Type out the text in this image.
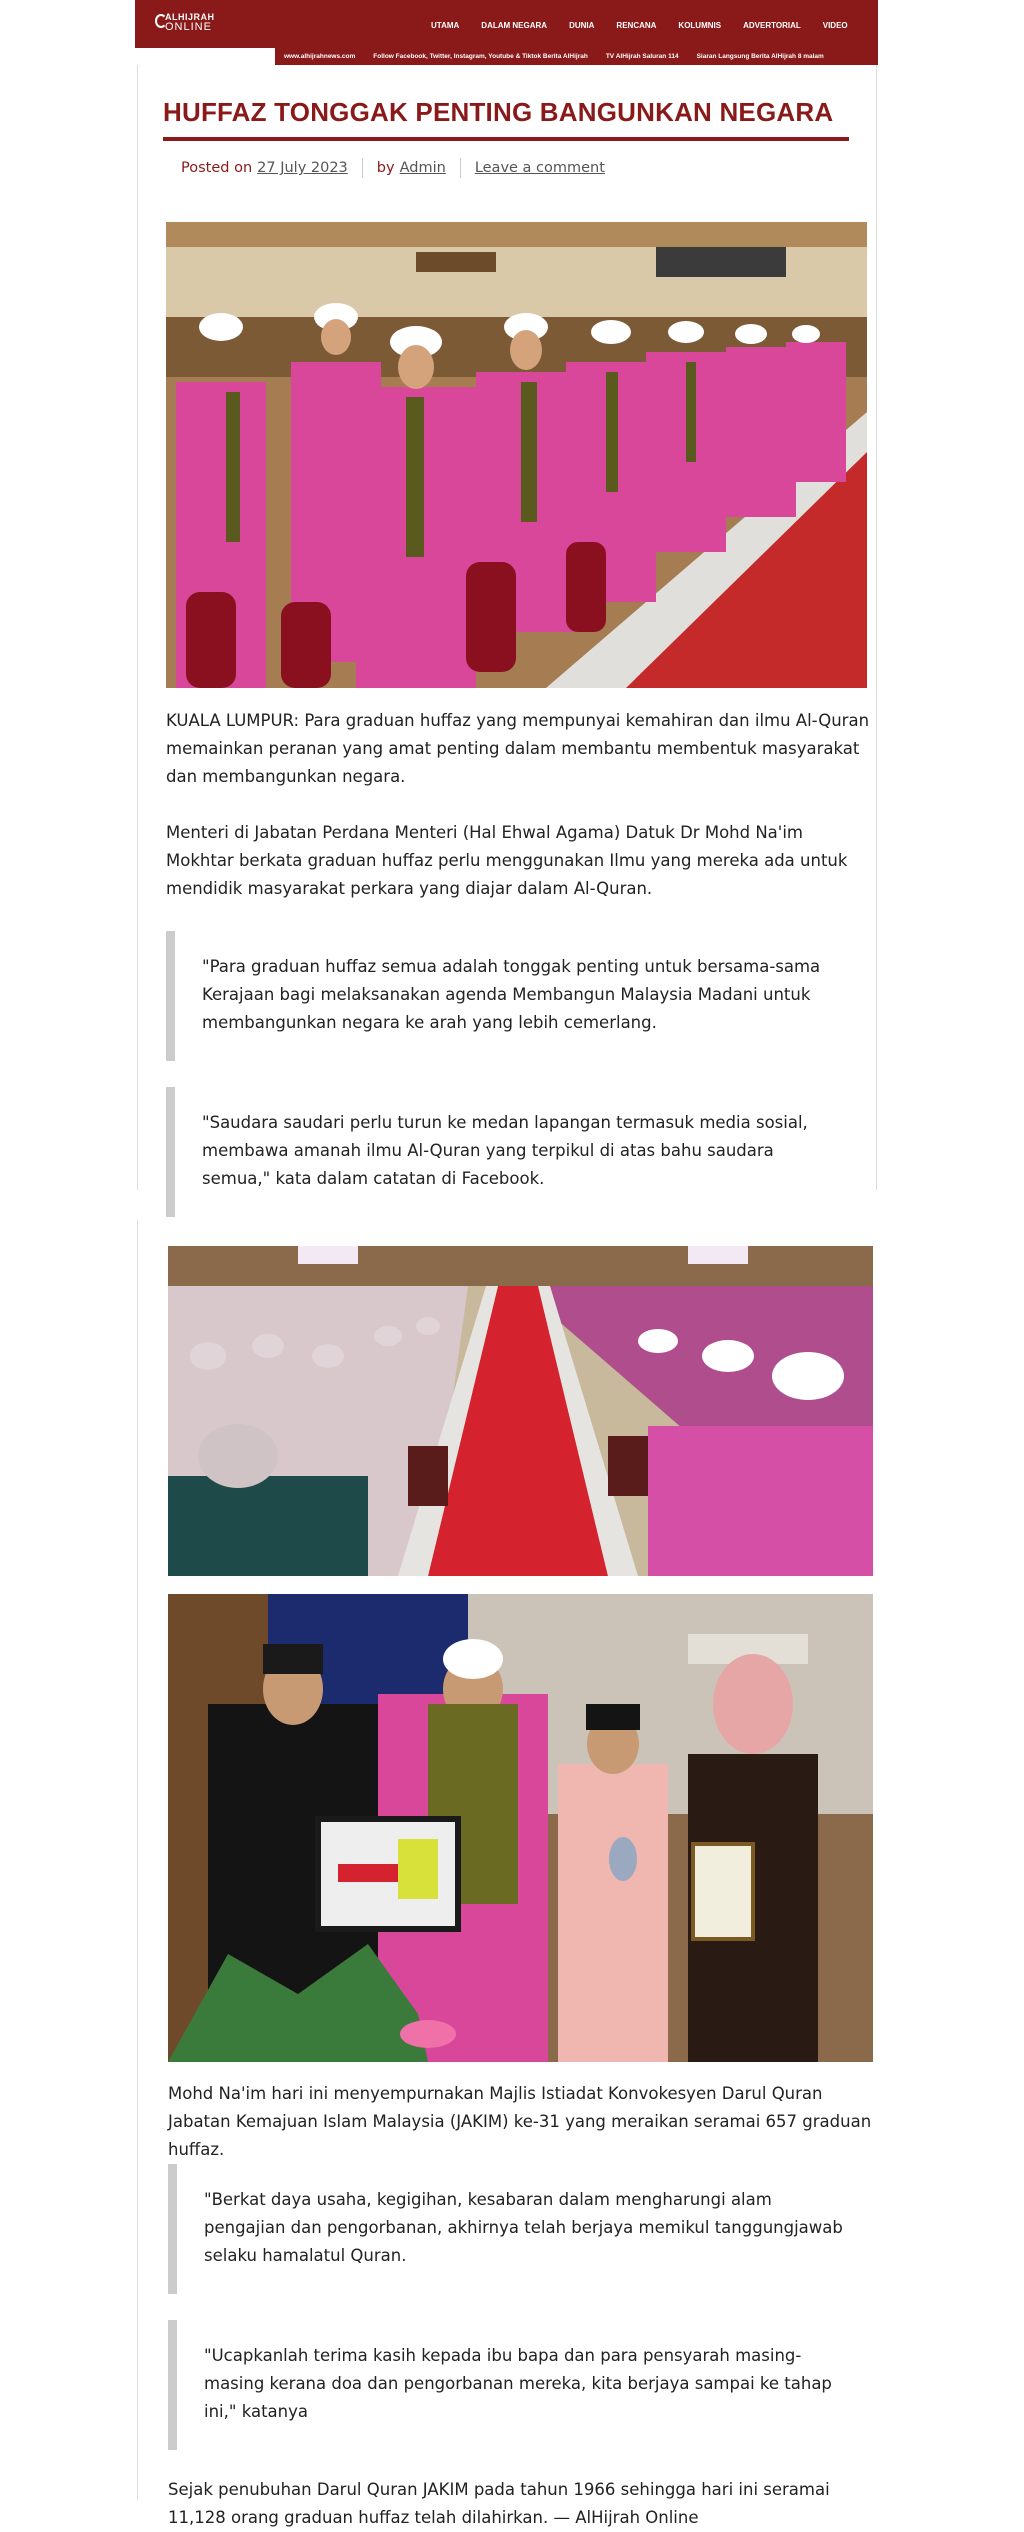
ALHIJRAH
ONLINE	UTAMA	DALAM NEGARA	DUNIA	RENCANA	KOLUMNIS	ADVERTORIAL	VIDEO
www.alhijrahnews.com	Follow Facebook, Twitter, Instagram, Youtube & Tiktok Berita AlHijrah	TV AlHijrah Saluran 114	Siaran Langsung Berita AlHijrah 8 malam
HUFFAZ TONGGAK PENTING BANGUNKAN NEGARA
Posted on 27 July 2023 by Admin Leave a comment

KUALA LUMPUR: Para graduan huffaz yang mempunyai kemahiran dan ilmu Al-Quran memainkan peranan yang amat penting dalam membantu membentuk masyarakat dan membangunkan negara.

Menteri di Jabatan Perdana Menteri (Hal Ehwal Agama) Datuk Dr Mohd Na'im Mokhtar berkata graduan huffaz perlu menggunakan Ilmu yang mereka ada untuk mendidik masyarakat perkara yang diajar dalam Al-Quran.

"Para graduan huffaz semua adalah tonggak penting untuk bersama-sama Kerajaan bagi melaksanakan agenda Membangun Malaysia Madani untuk membangunkan negara ke arah yang lebih cemerlang.

"Saudara saudari perlu turun ke medan lapangan termasuk media sosial, membawa amanah ilmu Al-Quran yang terpikul di atas bahu saudara semua," kata dalam catatan di Facebook.

Mohd Na'im hari ini menyempurnakan Majlis Istiadat Konvokesyen Darul Quran Jabatan Kemajuan Islam Malaysia (JAKIM) ke-31 yang meraikan seramai 657 graduan huffaz.

"Berkat daya usaha, kegigihan, kesabaran dalam mengharungi alam pengajian dan pengorbanan, akhirnya telah berjaya memikul tanggungjawab selaku hamalatul Quran.

"Ucapkanlah terima kasih kepada ibu bapa dan para pensyarah masing-masing kerana doa dan pengorbanan mereka, kita berjaya sampai ke tahap ini," katanya

Sejak penubuhan Darul Quran JAKIM pada tahun 1966 sehingga hari ini seramai 11,128 orang graduan huffaz telah dilahirkan. — AlHijrah Online
